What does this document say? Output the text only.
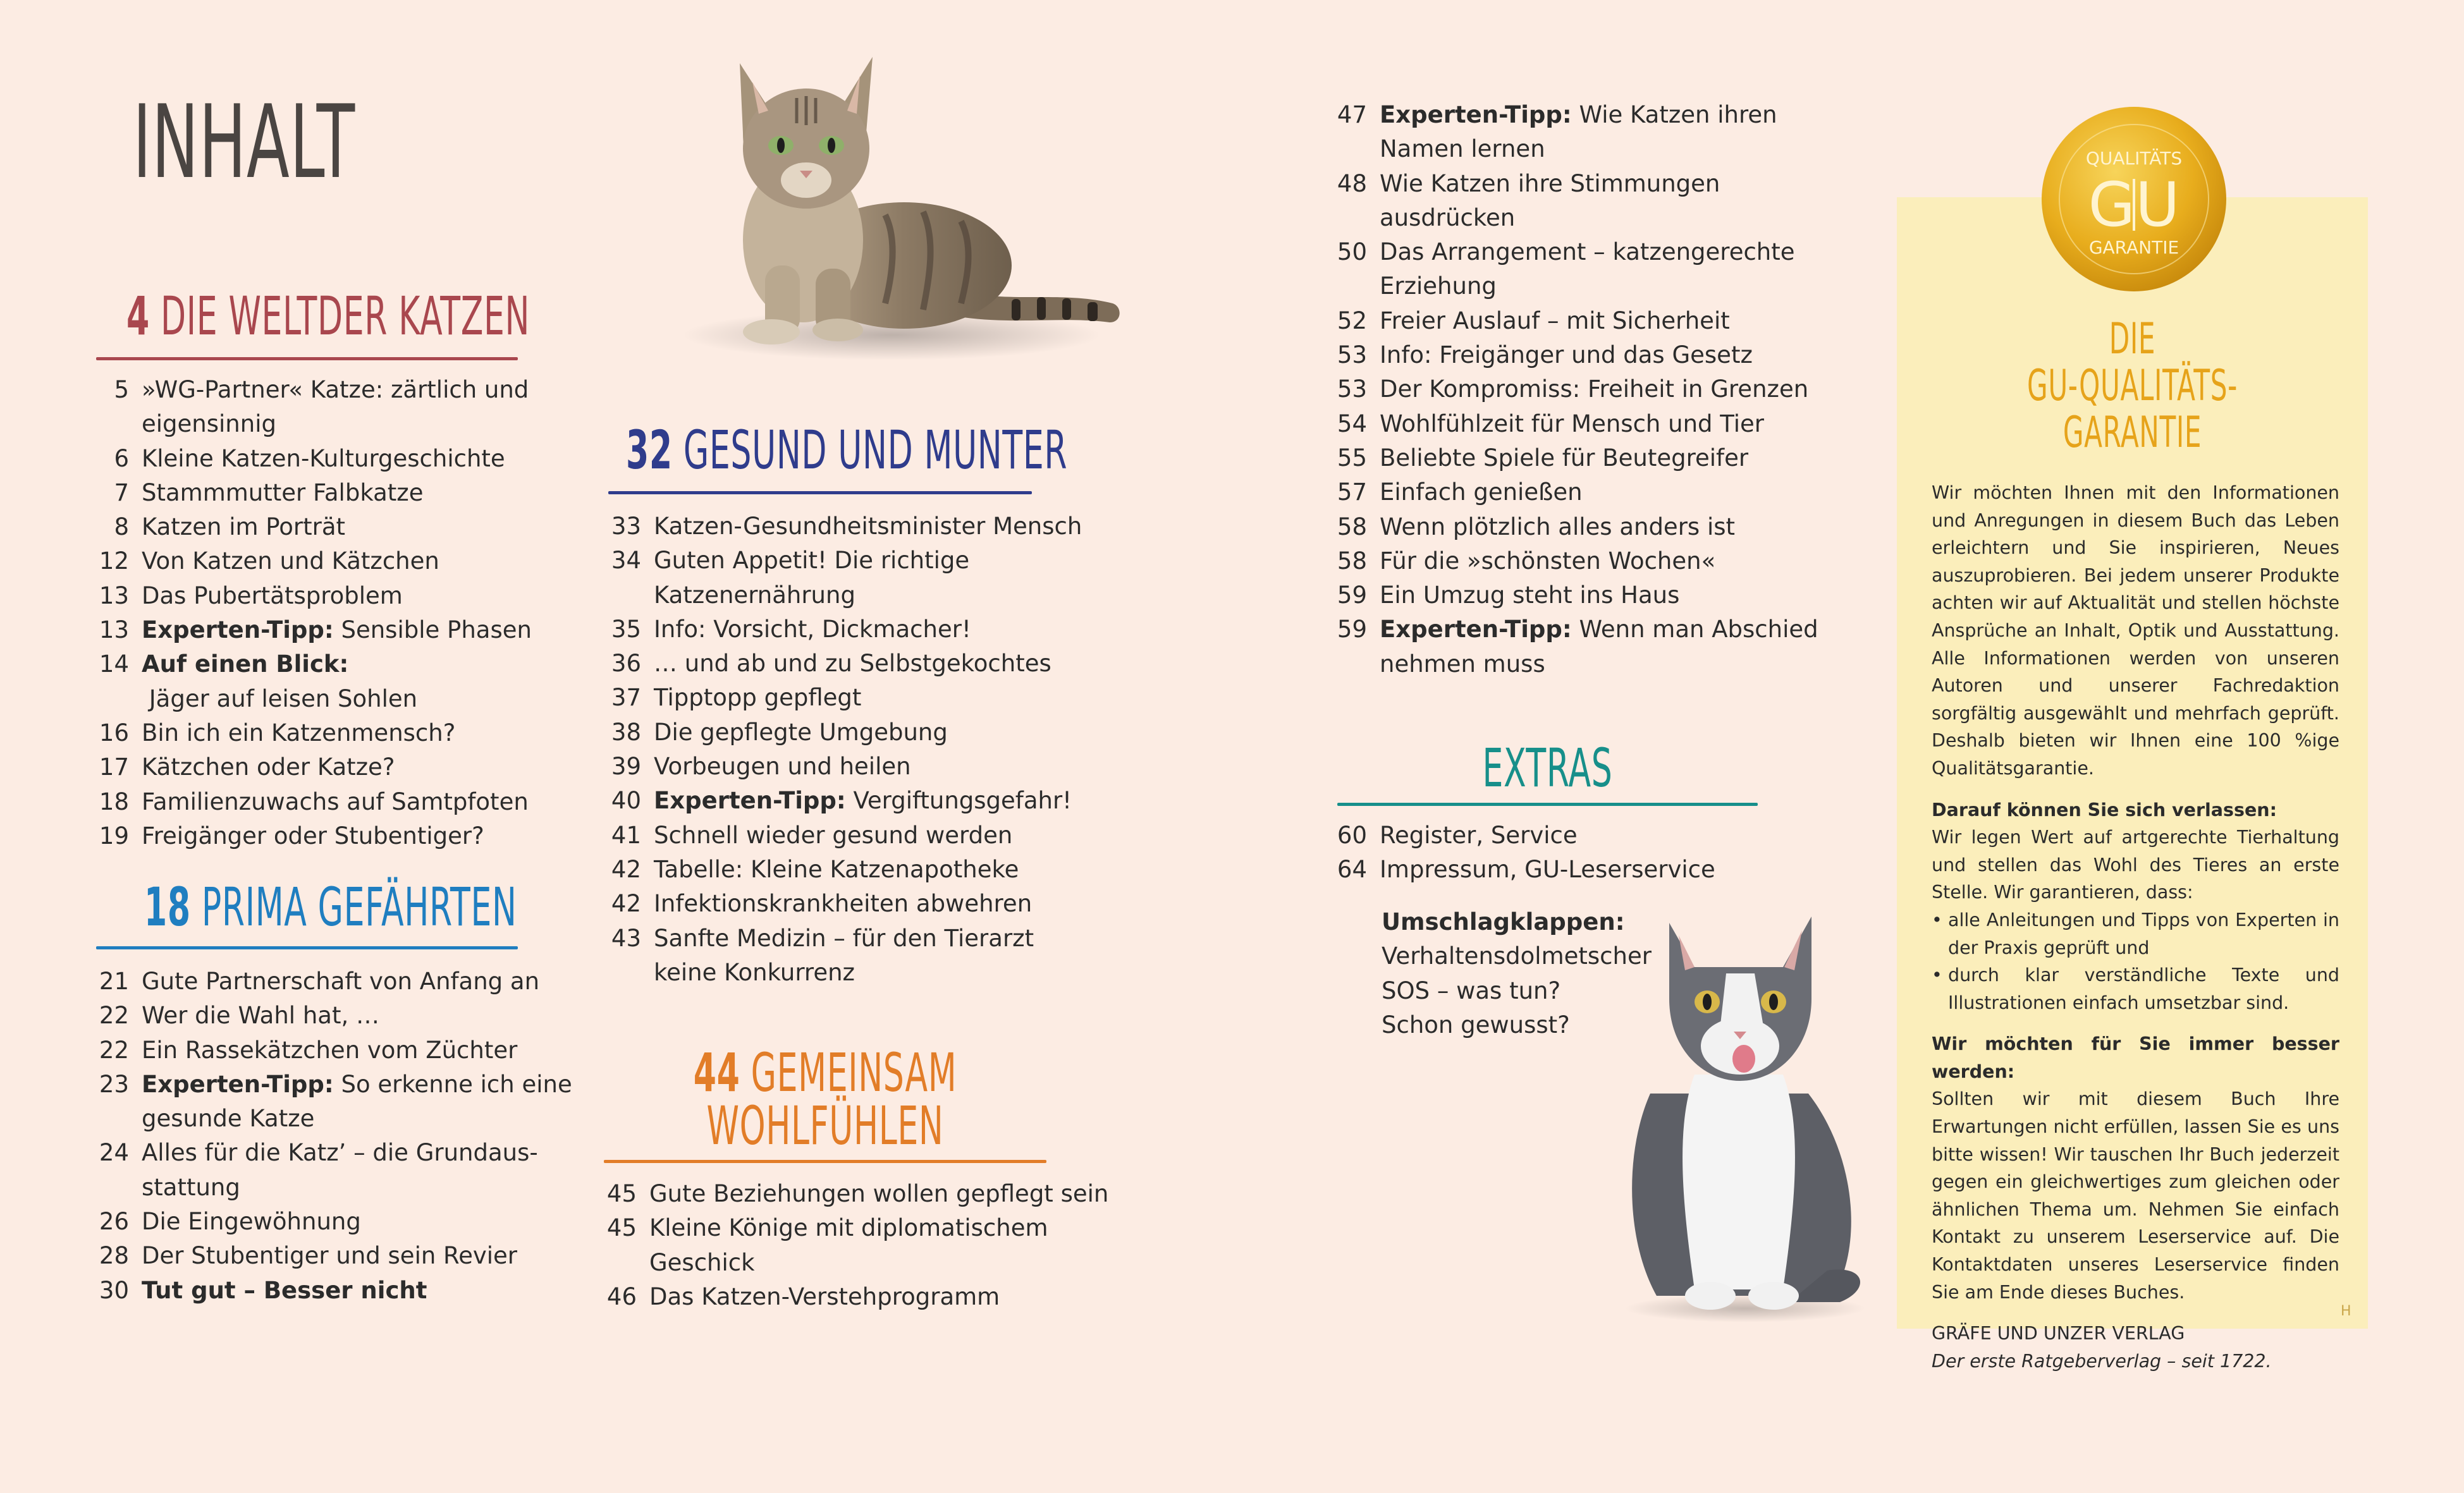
INHALT
4 DIE WELTDER KATZEN
5 »WG-Partner« Katze: zärtlich und
eigensinnig
6 Kleine Katzen-Kulturgeschichte
7 Stammmutter Falbkatze
8 Katzen im Porträt
12 Von Katzen und Kätzchen
13 Das Pubertätsproblem
13 Experten-Tipp: Sensible Phasen
14 Auf einen Blick: Jäger auf leisen Sohlen
16 Bin ich ein Katzenmensch?
17 Kätzchen oder Katze?
18 Familienzuwachs auf Samtpfoten
19 Freigänger oder Stubentiger?
18 PRIMA GEFÄHRTEN
21 Gute Partnerschaft von Anfang an
22 Wer die Wahl hat, …
22 Ein Rassekätzchen vom Züchter
23 Experten-Tipp: So erkenne ich eine
gesunde Katze
24 Alles für die Katz’ – die Grundaus-
stattung
26 Die Eingewöhnung
28 Der Stubentiger und sein Revier
30 Tut gut – Besser nicht
32 GESUND UND MUNTER
33 Katzen-Gesundheitsminister Mensch
34 Guten Appetit! Die richtige
Katzenernährung
35 Info: Vorsicht, Dickmacher!
36 … und ab und zu Selbstgekochtes
37 Tipptopp gepflegt
38 Die gepflegte Umgebung
39 Vorbeugen und heilen
40 Experten-Tipp: Vergiftungsgefahr!
41 Schnell wieder gesund werden
42 Tabelle: Kleine Katzenapotheke
42 Infektionskrankheiten abwehren
43 Sanfte Medizin – für den Tierarzt
keine Konkurrenz
44 GEMEINSAM
WOHLFÜHLEN
45 Gute Beziehungen wollen gepflegt sein
45 Kleine Könige mit diplomatischem
Geschick
46 Das Katzen-Verstehprogramm
47 Experten-Tipp: Wie Katzen ihren
Namen lernen
48 Wie Katzen ihre Stimmungen
ausdrücken
50 Das Arrangement – katzengerechte
Erziehung
52 Freier Auslauf – mit Sicherheit
53 Info: Freigänger und das Gesetz
53 Der Kompromiss: Freiheit in Grenzen
54 Wohlfühlzeit für Mensch und Tier
55 Beliebte Spiele für Beutegreifer
57 Einfach genießen
58 Wenn plötzlich alles anders ist
58 Für die »schönsten Wochen«
59 Ein Umzug steht ins Haus
59 Experten-Tipp: Wenn man Abschied
nehmen muss
EXTRAS
60 Register, Service
64 Impressum, GU-Leserservice
Umschlagklappen:
Verhaltensdolmetscher
SOS – was tun?
Schon gewusst?
DIE
GU-QUALITÄTS-
GARANTIE

Wir möchten Ihnen mit den Informationen und Anregungen in diesem Buch das Leben erleichtern und Sie inspirieren, Neues auszuprobieren. Bei jedem unserer Produkte achten wir auf Aktualität und stellen höchste Ansprüche an Inhalt, Optik und Ausstattung. Alle Informationen werden von unseren Autoren und unserer Fachredaktion sorgfältig ausgewählt und mehrfach geprüft. Deshalb bieten wir Ihnen eine 100 %ige Qualitätsgarantie.

Darauf können Sie sich verlassen:
Wir legen Wert auf artgerechte Tierhaltung und stellen das Wohl des Tieres an erste Stelle. Wir garantieren, dass:
• alle Anleitungen und Tipps von Experten in der Praxis geprüft und
• durch klar verständliche Texte und Illustrationen einfach umsetzbar sind.
Wir möchten für Sie immer besser werden:

Sollten wir mit diesem Buch Ihre Erwartungen nicht erfüllen, lassen Sie es uns bitte wissen! Wir tauschen Ihr Buch jederzeit gegen ein gleichwertiges zum gleichen oder ähnlichen Thema um. Nehmen Sie einfach Kontakt zu unserem Leserservice auf. Die Kontaktdaten unseres Leserservice finden Sie am Ende dieses Buches.

GRÄFE UND UNZER VERLAG
Der erste Ratgeberverlag – seit 1722.
H
QUALITÄTS
GU
GARANTIE
